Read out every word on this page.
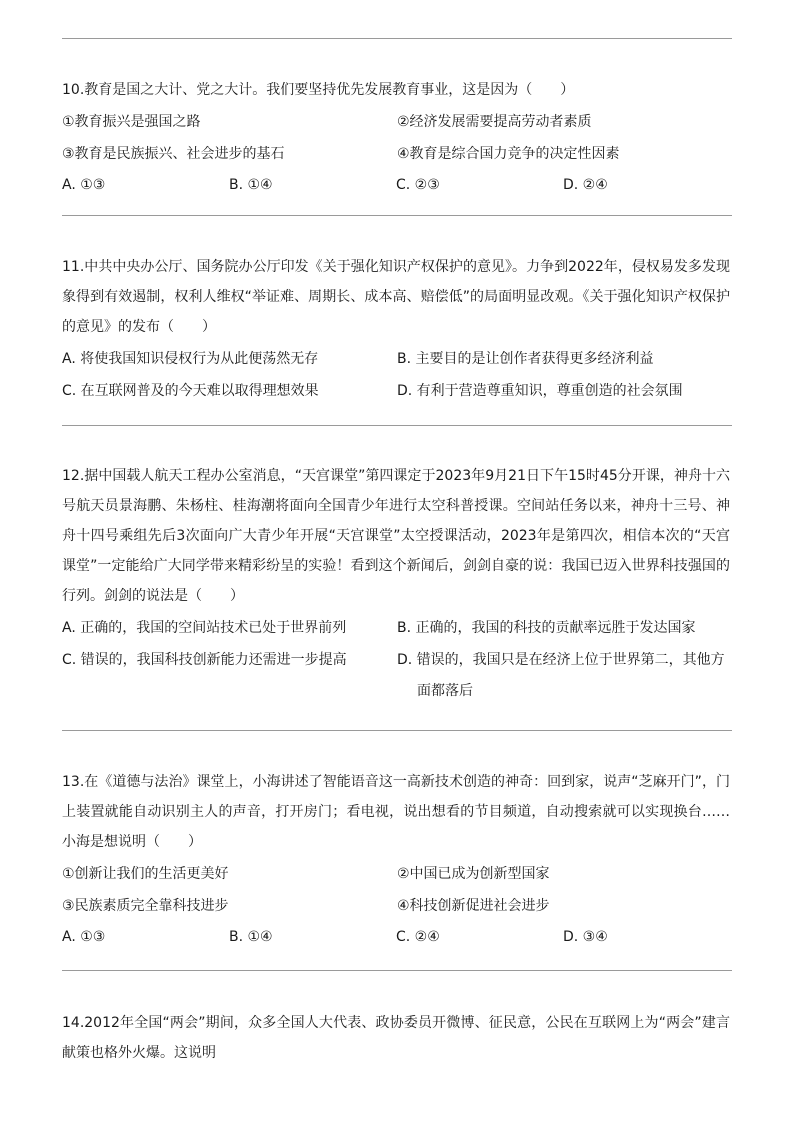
10.教育是国之大计、党之大计。我们要坚持优先发展教育事业，这是因为（　　）

①教育振兴是强国之路	②经济发展需要提高劳动者素质
③教育是民族振兴、社会进步的基石	④教育是综合国力竞争的决定性因素
A. ①③	B. ①④	C. ②③	D. ②④

11.中共中央办公厅、国务院办公厅印发《关于强化知识产权保护的意见》。力争到2022年，侵权易发多发现象得到有效遏制，权利人维权“举证难、周期长、成本高、赔偿低”的局面明显改观。《关于强化知识产权保护的意见》的发布（　　）

A. 将使我国知识侵权行为从此便荡然无存	B. 主要目的是让创作者获得更多经济利益
C. 在互联网普及的今天难以取得理想效果	D. 有利于营造尊重知识，尊重创造的社会氛围

12.据中国载人航天工程办公室消息，“天宫课堂”第四课定于2023年9月21日下午15时45分开课，神舟十六号航天员景海鹏、朱杨柱、桂海潮将面向全国青少年进行太空科普授课。空间站任务以来，神舟十三号、神舟十四号乘组先后3次面向广大青少年开展“天宫课堂”太空授课活动，2023年是第四次，相信本次的“天宫课堂”一定能给广大同学带来精彩纷呈的实验！看到这个新闻后，剑剑自豪的说：我国已迈入世界科技强国的行列。剑剑的说法是（　　）

A. 正确的，我国的空间站技术已处于世界前列	B. 正确的，我国的科技的贡献率远胜于发达国家
C. 错误的，我国科技创新能力还需进一步提高	D. 错误的，我国只是在经济上位于世界第二，其他方
面都落后

13.在《道德与法治》课堂上，小海讲述了智能语音这一高新技术创造的神奇：回到家，说声“芝麻开门”，门上装置就能自动识别主人的声音，打开房门；看电视，说出想看的节目频道，自动搜索就可以实现换台……小海是想说明（　　）

①创新让我们的生活更美好	②中国已成为创新型国家
③民族素质完全靠科技进步	④科技创新促进社会进步
A. ①③	B. ①④	C. ②④	D. ③④

14.2012年全国“两会”期间，众多全国人大代表、政协委员开微博、征民意，公民在互联网上为“两会”建言献策也格外火爆。这说明
